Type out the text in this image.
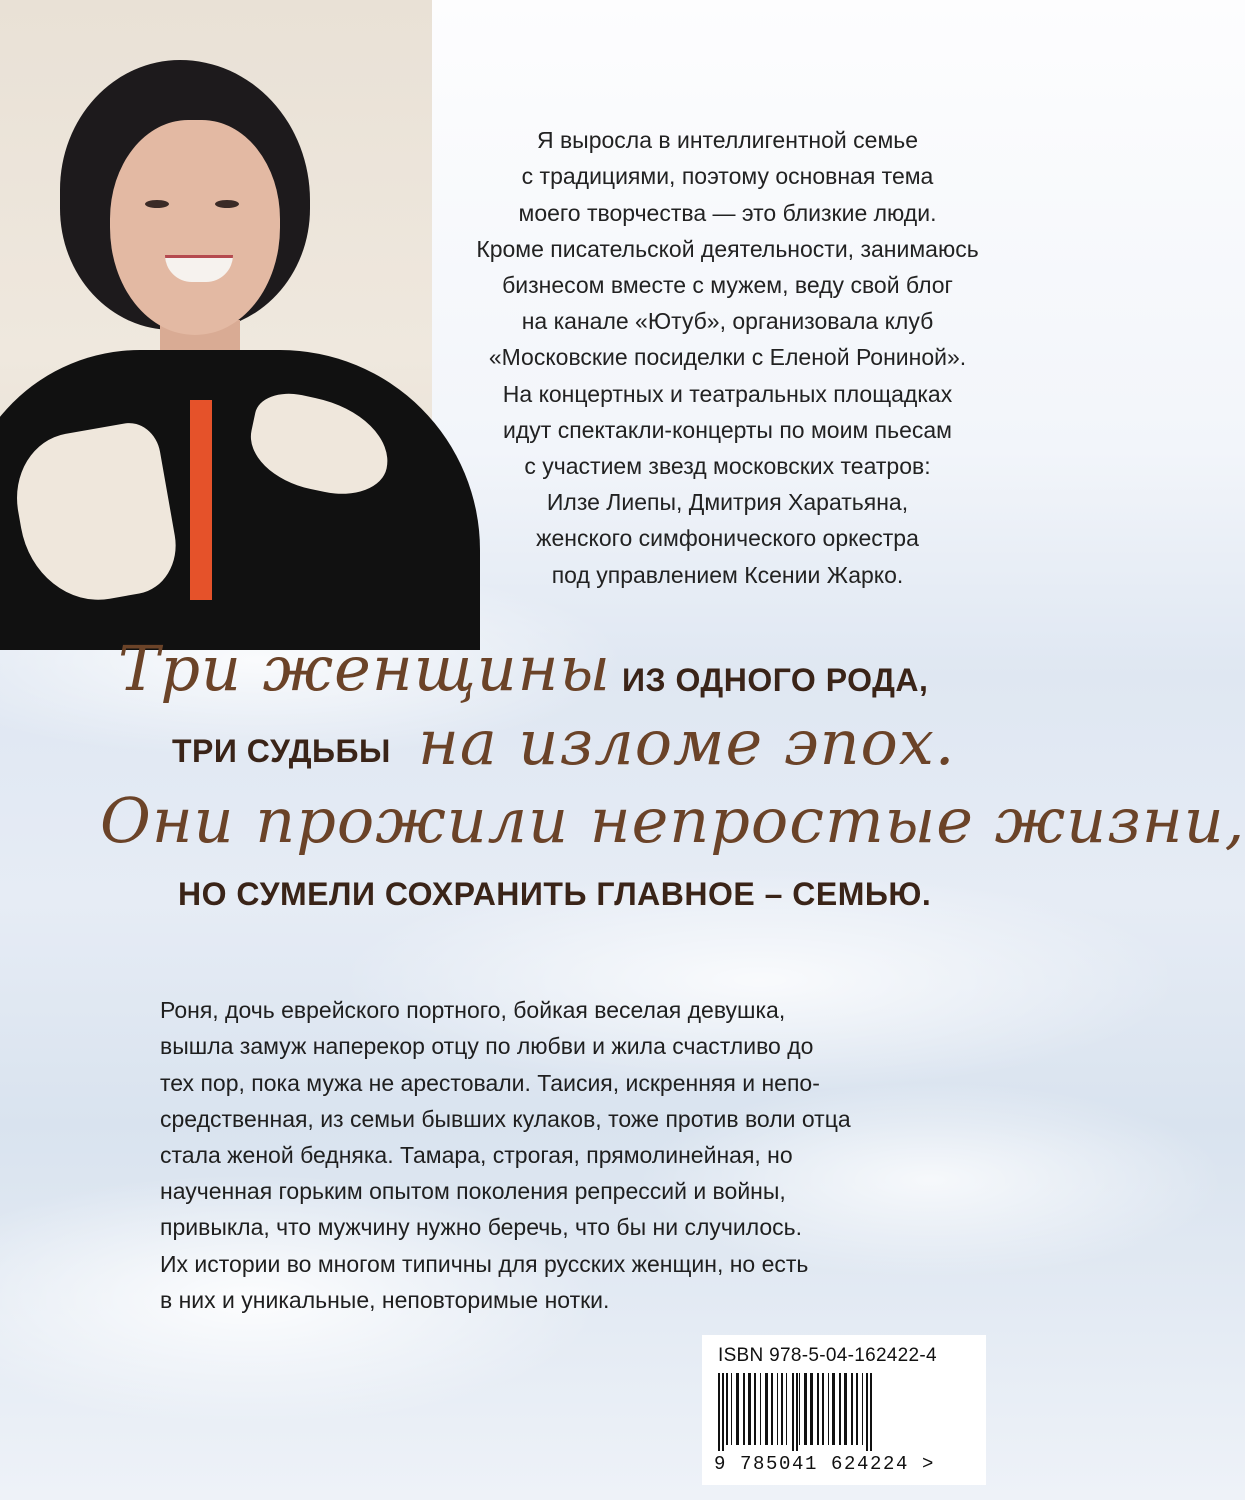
Я выросла в интеллигентной семье
с традициями, поэтому основная тема
моего творчества — это близкие люди.
Кроме писательской деятельности, занимаюсь
бизнесом вместе с мужем, веду свой блог
на канале «Ютуб», организовала клуб
«Московские посиделки с Еленой Рониной».
На концертных и театральных площадках
идут спектакли-концерты по моим пьесам
с участием звезд московских театров:
Илзе Лиепы, Дмитрия Харатьяна,
женского симфонического оркестра
под управлением Ксении Жарко.

Три женщины ИЗ ОДНОГО РОДА,
ТРИ СУДЬБЫ на изломе эпох.
Они прожили непростые жизни,
НО СУМЕЛИ СОХРАНИТЬ ГЛАВНОЕ – СЕМЬЮ.

Роня, дочь еврейского портного, бойкая веселая девушка,
вышла замуж наперекор отцу по любви и жила счастливо до
тех пор, пока мужа не арестовали. Таисия, искренняя и непо-
средственная, из семьи бывших кулаков, тоже против воли отца
стала женой бедняка. Тамара, строгая, прямолинейная, но
наученная горьким опытом поколения репрессий и войны,
привыкла, что мужчину нужно беречь, что бы ни случилось.
Их истории во многом типичны для русских женщин, но есть
в них и уникальные, неповторимые нотки.

ISBN 978-5-04-162422-4
9 785041 624224 >
